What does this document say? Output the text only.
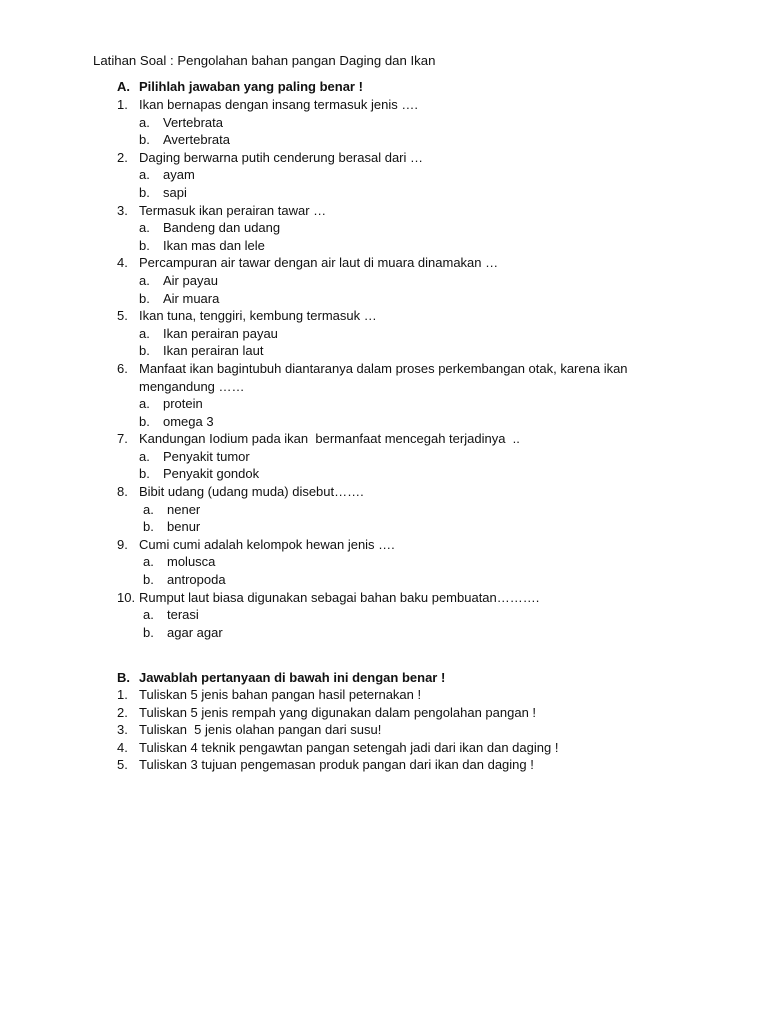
Latihan Soal : Pengolahan bahan pangan Daging dan Ikan
A. Pilihlah jawaban yang paling benar !
1. Ikan bernapas dengan insang termasuk jenis ….
a.	Vertebrata
b.	Avertebrata
2. Daging berwarna putih cenderung berasal dari …
a.	ayam
b.	sapi
3. Termasuk ikan perairan tawar …
a.	Bandeng dan udang
b.	Ikan mas dan lele
4. Percampuran air tawar dengan air laut di muara dinamakan …
a.	Air payau
b.	Air muara
5. Ikan tuna, tenggiri, kembung termasuk …
a.	Ikan perairan payau
b.	Ikan perairan laut
6. Manfaat ikan bagintubuh diantaranya dalam proses perkembangan otak, karena ikan mengandung ……
a.	protein
b.	omega 3
7. Kandungan Iodium pada ikan  bermanfaat mencegah terjadinya  ..
a.	Penyakit tumor
b.	Penyakit gondok
8. Bibit udang (udang muda) disebut…….
a.	nener
b.	benur
9. Cumi cumi adalah kelompok hewan jenis ….
a.	molusca
b.	antropoda
10. Rumput laut biasa digunakan sebagai bahan baku pembuatan……….
a.	terasi
b.	agar agar
B. Jawablah pertanyaan di bawah ini dengan benar !
1. Tuliskan 5 jenis bahan pangan hasil peternakan !
2. Tuliskan 5 jenis rempah yang digunakan dalam pengolahan pangan !
3. Tuliskan  5 jenis olahan pangan dari susu!
4. Tuliskan 4 teknik pengawtan pangan setengah jadi dari ikan dan daging !
5. Tuliskan 3 tujuan pengemasan produk pangan dari ikan dan daging !
